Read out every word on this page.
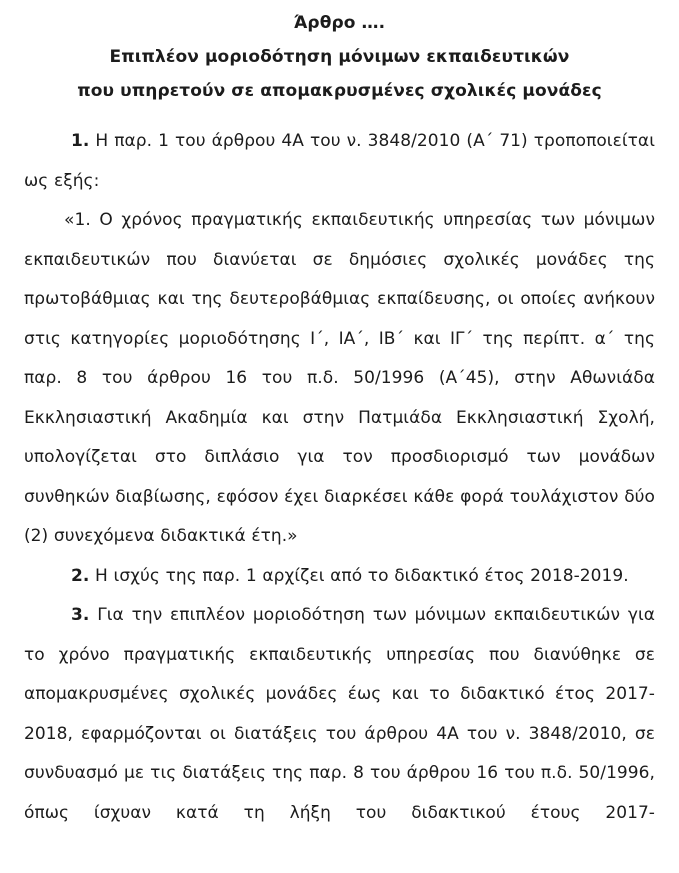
Άρθρο ….
Επιπλέον μοριοδότηση μόνιμων εκπαιδευτικών
που υπηρετούν σε απομακρυσμένες σχολικές μονάδες

1. Η παρ. 1 του άρθρου 4Α του ν. 3848/2010 (Α΄ 71) τροποποιείται ως εξής:

«1. Ο χρόνος πραγματικής εκπαιδευτικής υπηρεσίας των μόνιμων εκπαιδευτικών που διανύεται σε δημόσιες σχολικές μονάδες της πρωτοβάθμιας και της δευτεροβάθμιας εκπαίδευσης, οι οποίες ανήκουν στις κατηγορίες μοριοδότησης Ι΄, ΙΑ΄, ΙΒ΄ και ΙΓ΄ της περίπτ. α΄ της παρ. 8 του άρθρου 16 του π.δ. 50/1996 (Α΄45), στην Αθωνιάδα Εκκλησιαστική Ακαδημία και στην Πατμιάδα Εκκλησιαστική Σχολή, υπολογίζεται στο διπλάσιο για τον προσδιορισμό των μονάδων συνθηκών διαβίωσης, εφόσον έχει διαρκέσει κάθε φορά τουλάχιστον δύο (2) συνεχόμενα διδακτικά έτη.»

2. Η ισχύς της παρ. 1 αρχίζει από το διδακτικό έτος 2018-2019.

3. Για την επιπλέον μοριοδότηση των μόνιμων εκπαιδευτικών για το χρόνο πραγματικής εκπαιδευτικής υπηρεσίας που διανύθηκε σε απομακρυσμένες σχολικές μονάδες έως και το διδακτικό έτος 2017-2018, εφαρμόζονται οι διατάξεις του άρθρου 4Α του ν. 3848/2010, σε συνδυασμό με τις διατάξεις της παρ. 8 του άρθρου 16 του π.δ. 50/1996, όπως ίσχυαν κατά τη λήξη του διδακτικού έτους 2017-
